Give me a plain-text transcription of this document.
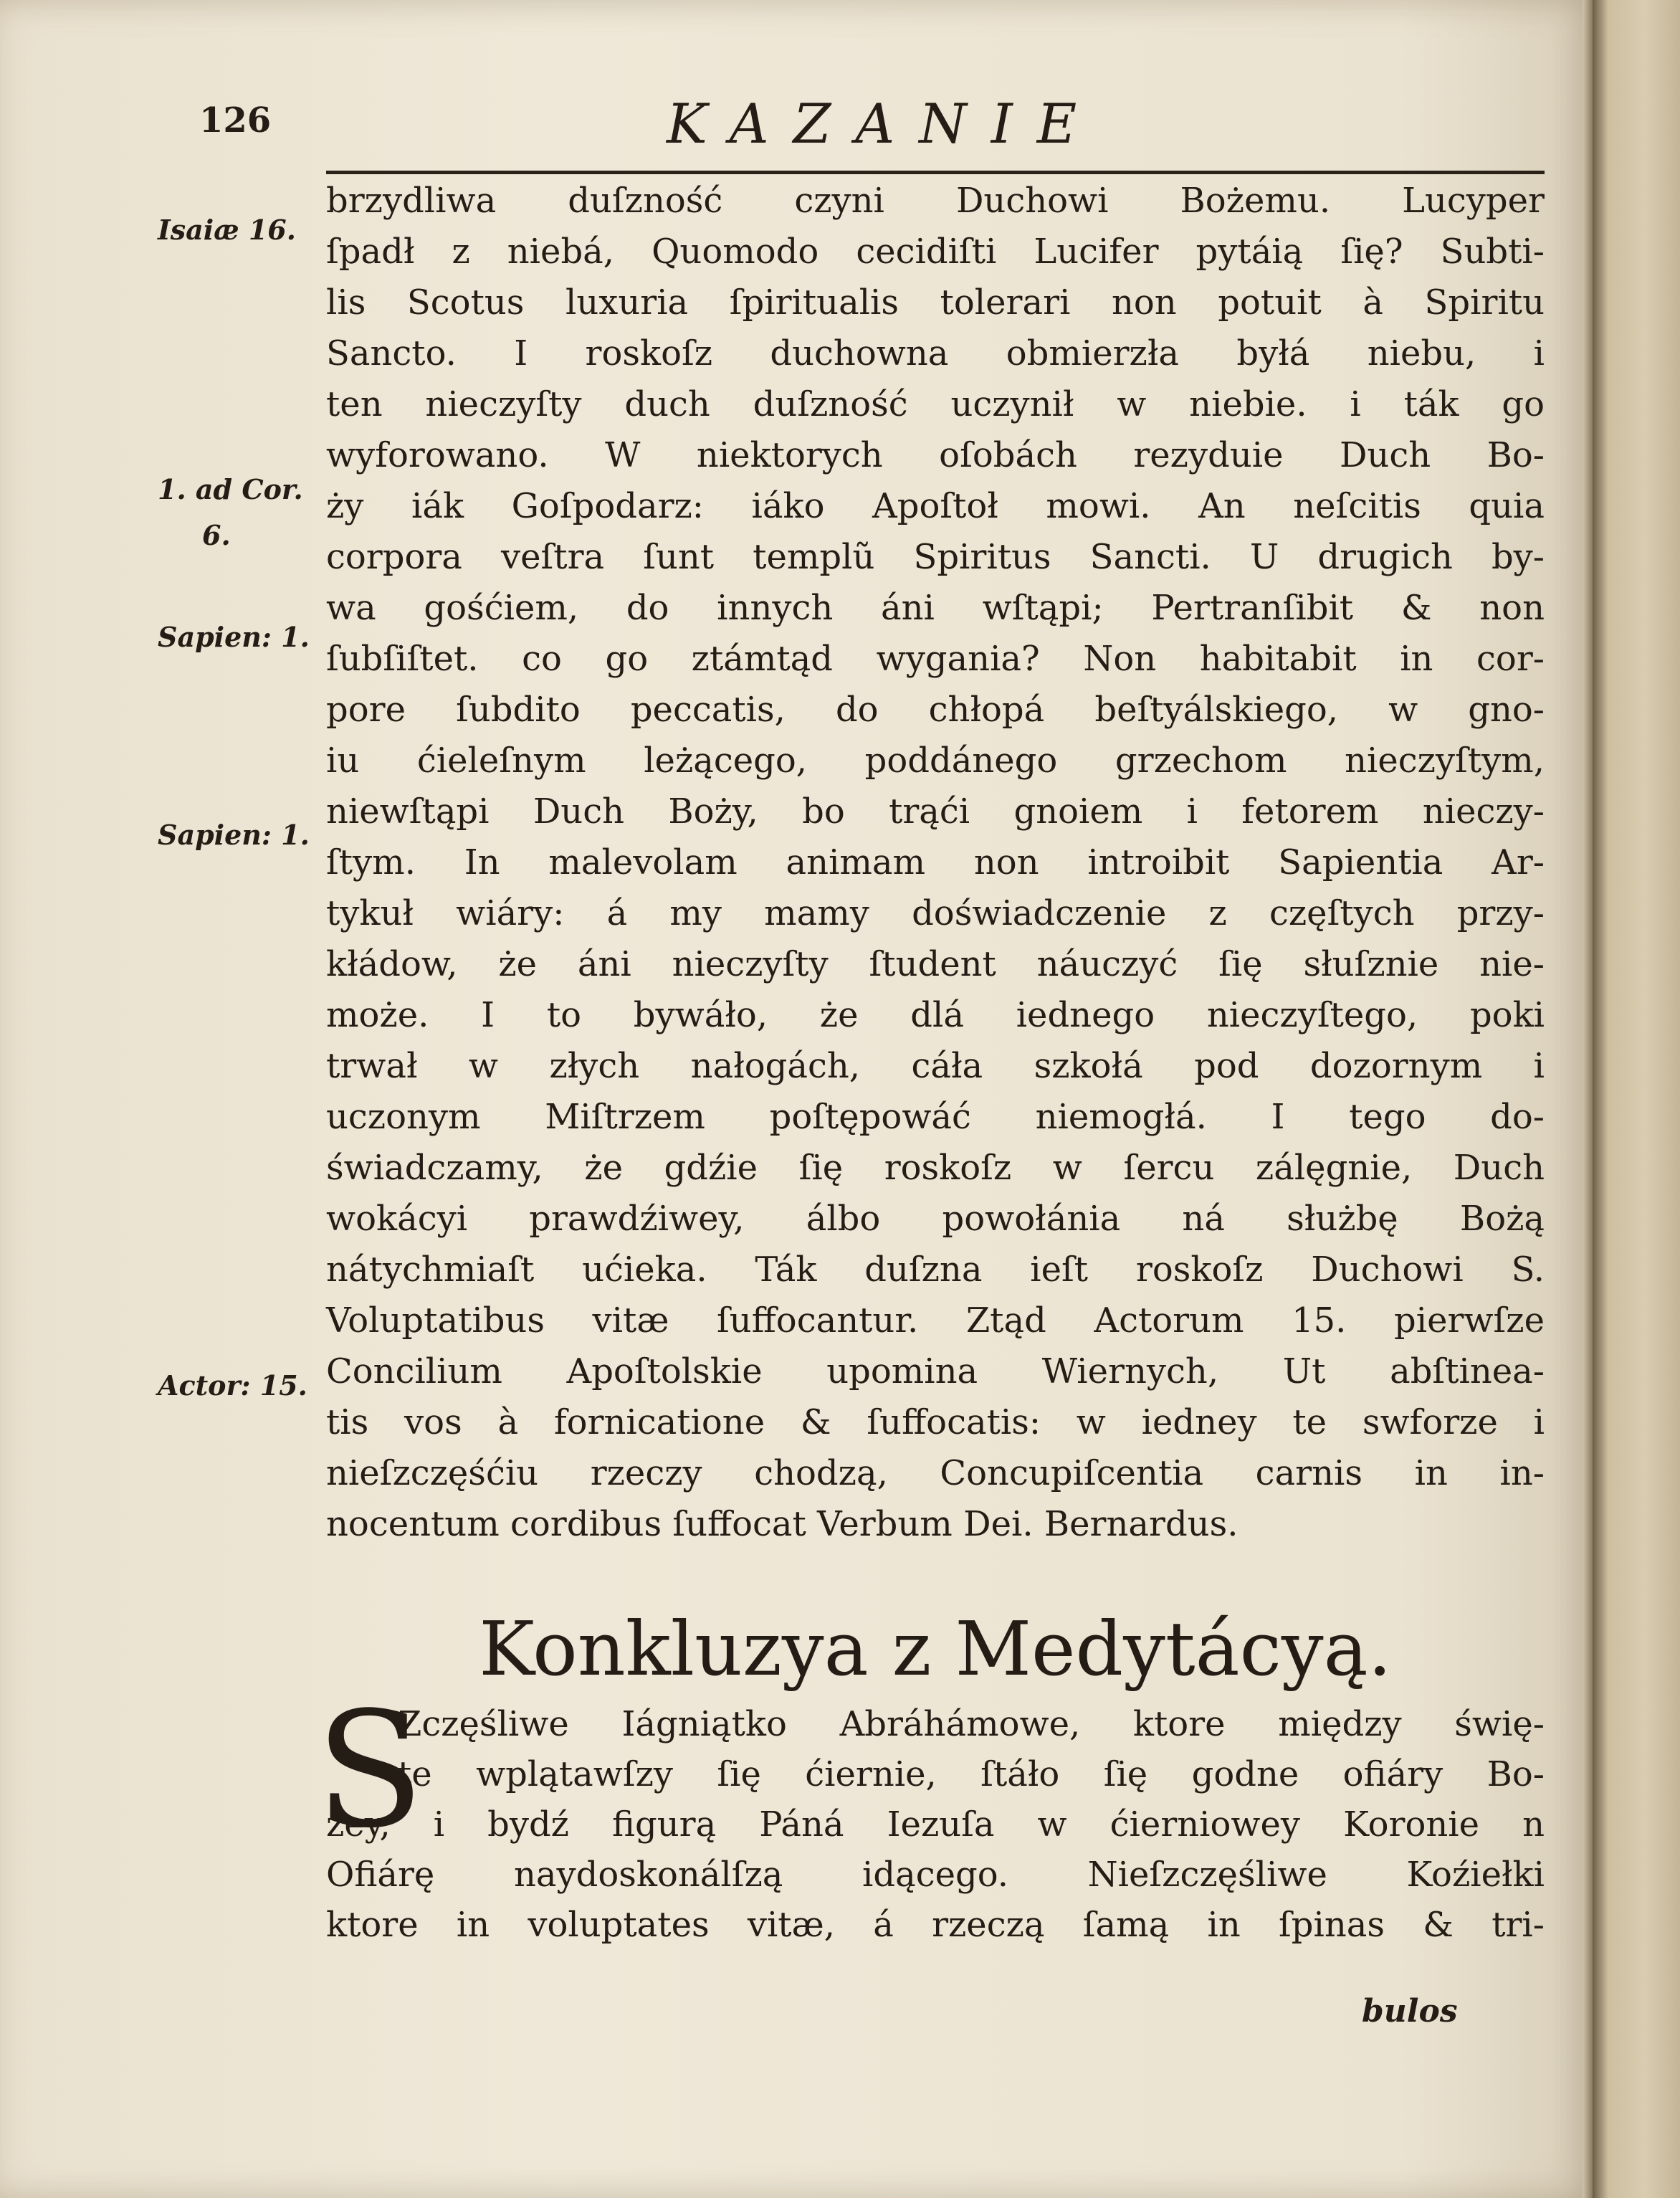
126	KAZANIE
Isaiæ 16.
1. ad Cor.
6.
Sapien: 1.
Sapien: 1.
Actor: 15.
brzydliwa duſzność czyni Duchowi Bożemu. Lucyper
ſpadł z niebá, Quomodo cecidiſti Lucifer pytáią ſię? Subti-
lis Scotus luxuria ſpiritualis tolerari non potuit à Spiritu
Sancto. I roskoſz duchowna obmierzła byłá niebu, i
ten nieczyſty duch duſzność uczynił w niebie. i ták go
wyforowano. W niektorych oſobách rezyduie Duch Bo-
ży iák Goſpodarz: iáko Apoſtoł mowi. An neſcitis quia
corpora veſtra ſunt templũ Spiritus Sancti. U drugich by-
wa gośćiem, do innych áni wſtąpi; Pertranſibit & non
ſubſiſtet. co go ztámtąd wygania? Non habitabit in cor-
pore ſubdito peccatis, do chłopá beſtyálskiego, w gno-
iu ćieleſnym leżącego, poddánego grzechom nieczyſtym,
niewſtąpi Duch Boży, bo trąći gnoiem i fetorem nieczy-
ſtym. In malevolam animam non introibit Sapientia Ar-
tykuł wiáry: á my mamy doświadczenie z częſtych przy-
kłádow, że áni nieczyſty ſtudent náuczyć ſię słuſznie nie-
może. I to bywáło, że dlá iednego nieczyſtego, poki
trwał w złych nałogách, cáła szkołá pod dozornym i
uczonym Miſtrzem poſtępowáć niemogłá. I tego do-
świadczamy, że gdźie ſię roskoſz w ſercu zálęgnie, Duch
wokácyi prawdźiwey, álbo powołánia ná służbę Bożą
nátychmiaſt ućieka. Ták duſzna ieſt roskoſz Duchowi S.
Voluptatibus vitæ ſuffocantur. Ztąd Actorum 15. pierwſze
Concilium Apoſtolskie upomina Wiernych, Ut abſtinea-
tis vos à fornicatione & ſuffocatis: w iedney te swforze i
nieſzczęśćiu rzeczy chodzą, Concupiſcentia carnis in in-
nocentum cordibus ſuffocat Verbum Dei. Bernardus.
Konkluzya z Medytácyą.
S
Zczęśliwe Iágniątko Abráhámowe, ktore między świę-
te wplątawſzy ſię ćiernie, ſtáło ſię godne ofiáry Bo-
żey, i bydź figurą Páná Iezuſa w ćierniowey Koronie n
Ofiárę naydoskonálſzą idącego. Nieſzczęśliwe Koźiełki
ktore in voluptates vitæ, á rzeczą ſamą in ſpinas & tri-
bulos
